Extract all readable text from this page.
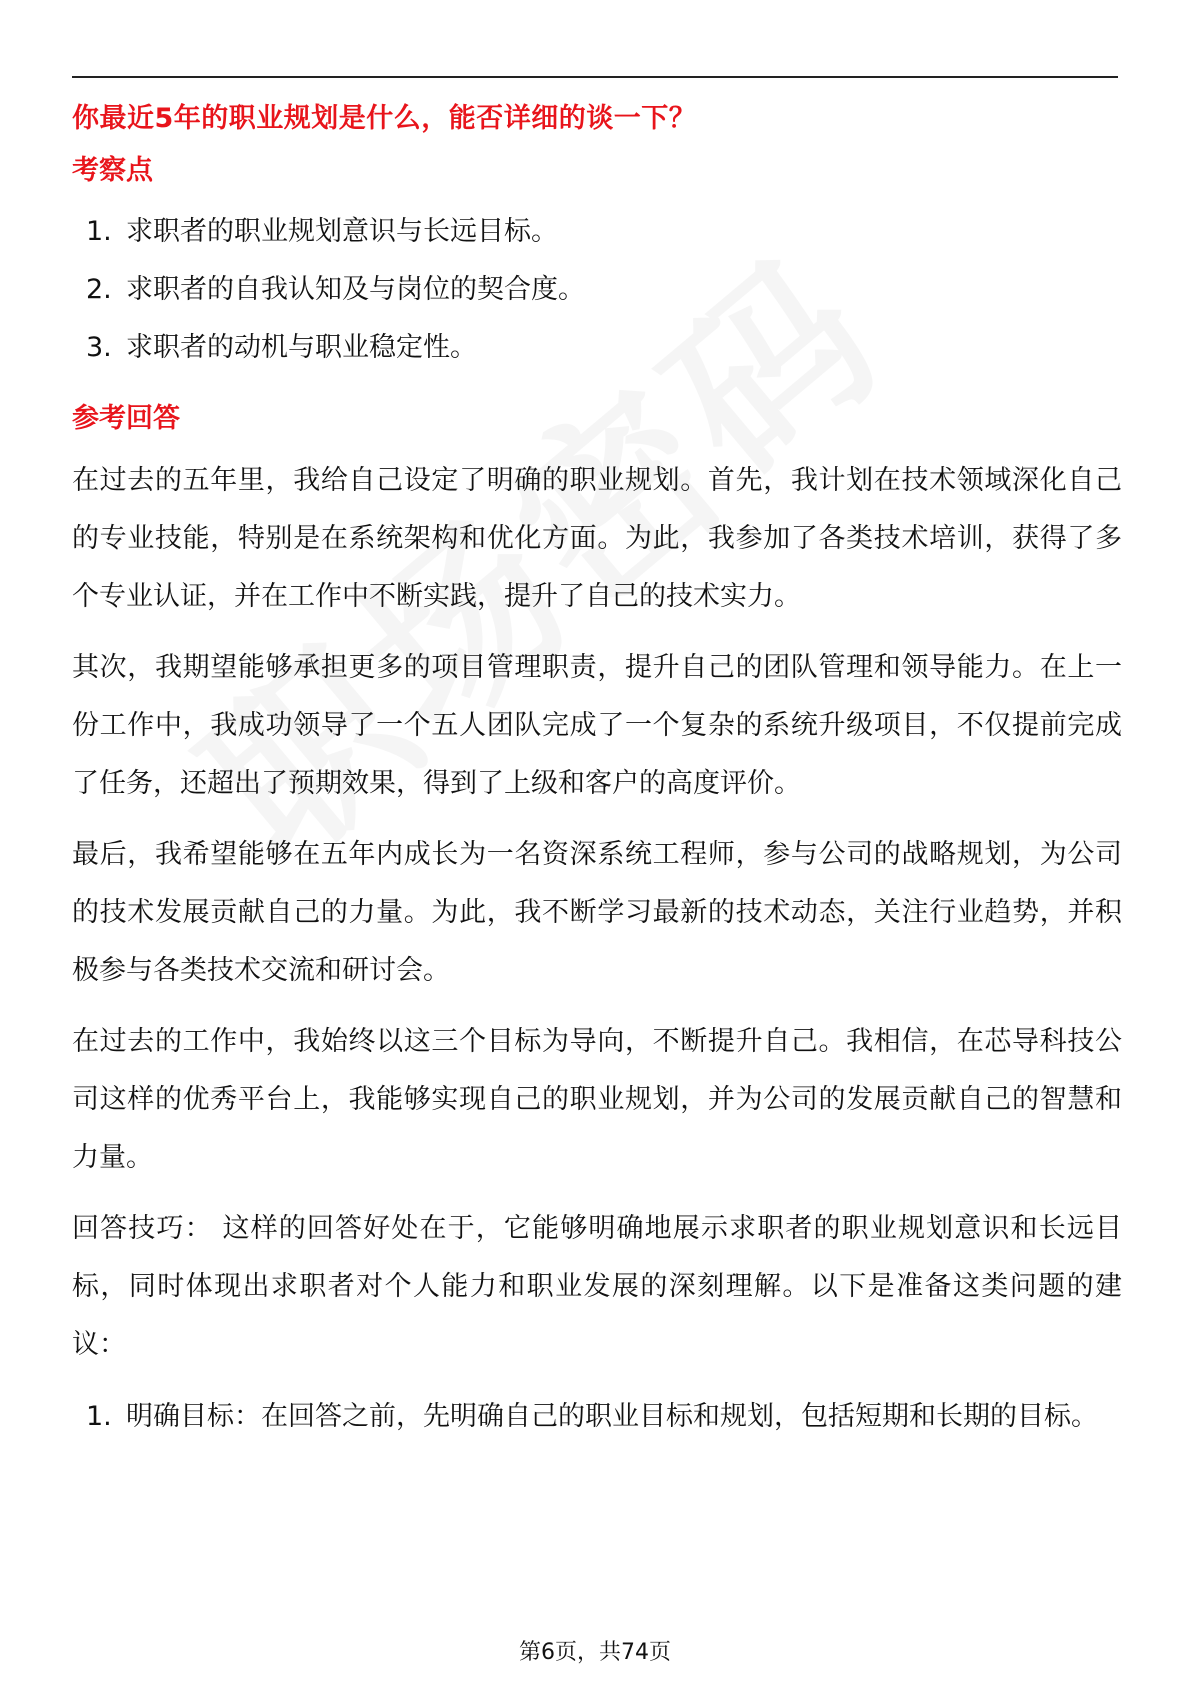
你最近5年的职业规划是什么，能否详细的谈一下？
考察点
1. 求职者的职业规划意识与长远目标。
2. 求职者的自我认知及与岗位的契合度。
3. 求职者的动机与职业稳定性。
参考回答

在过去的五年里，我给自己设定了明确的职业规划。首先，我计划在技术领域深化自己的专业技能，特别是在系统架构和优化方面。为此，我参加了各类技术培训，获得了多个专业认证，并在工作中不断实践，提升了自己的技术实力。

其次，我期望能够承担更多的项目管理职责，提升自己的团队管理和领导能力。在上一份工作中，我成功领导了一个五人团队完成了一个复杂的系统升级项目，不仅提前完成了任务，还超出了预期效果，得到了上级和客户的高度评价。

最后，我希望能够在五年内成长为一名资深系统工程师，参与公司的战略规划，为公司的技术发展贡献自己的力量。为此，我不断学习最新的技术动态，关注行业趋势，并积极参与各类技术交流和研讨会。

在过去的工作中，我始终以这三个目标为导向，不断提升自己。我相信，在芯导科技公司这样的优秀平台上，我能够实现自己的职业规划，并为公司的发展贡献自己的智慧和力量。

回答技巧： 这样的回答好处在于，它能够明确地展示求职者的职业规划意识和长远目标，同时体现出求职者对个人能力和职业发展的深刻理解。以下是准备这类问题的建议：

1. 明确目标：在回答之前，先明确自己的职业目标和规划，包括短期和长期的目标。
第6页，共74页
